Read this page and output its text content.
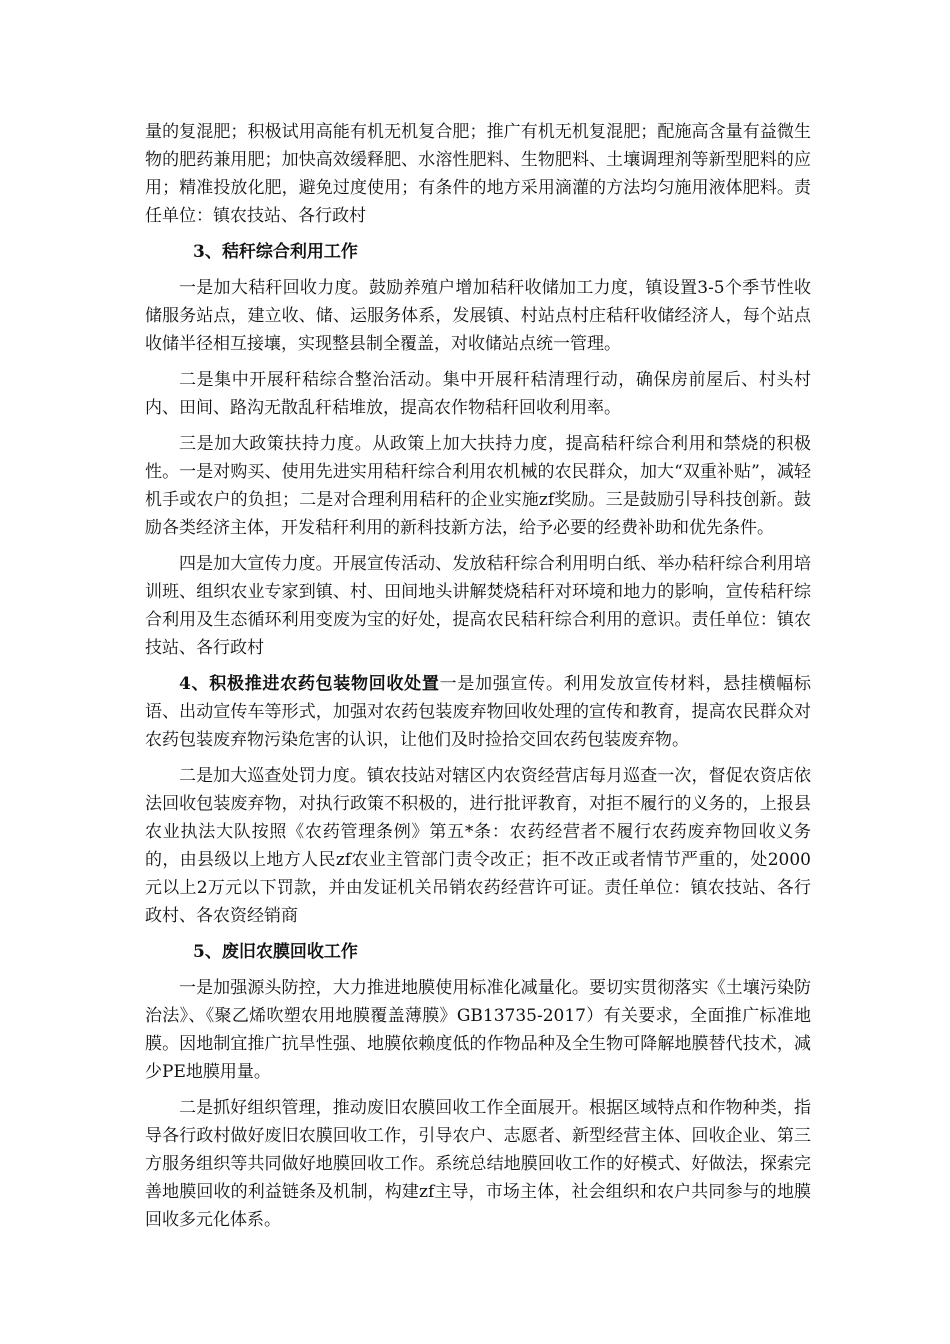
量的复混肥；积极试用高能有机无机复合肥；推广有机无机复混肥；配施高含量有益微生物的肥药兼用肥；加快高效缓释肥、水溶性肥料、生物肥料、土壤调理剂等新型肥料的应用；精准投放化肥，避免过度使用；有条件的地方采用滴灌的方法均匀施用液体肥料。责任单位：镇农技站、各行政村

3、秸秆综合利用工作

一是加大秸秆回收力度。鼓励养殖户增加秸秆收储加工力度，镇设置3-5个季节性收储服务站点，建立收、储、运服务体系，发展镇、村站点村庄秸秆收储经济人，每个站点收储半径相互接壤，实现整县制全覆盖，对收储站点统一管理。

二是集中开展秆秸综合整治活动。集中开展秆秸清理行动，确保房前屋后、村头村内、田间、路沟无散乱秆秸堆放，提高农作物秸秆回收利用率。

三是加大政策扶持力度。从政策上加大扶持力度，提高秸秆综合利用和禁烧的积极性。一是对购买、使用先进实用秸秆综合利用农机械的农民群众，加大“双重补贴”，减轻机手或农户的负担；二是对合理利用秸秆的企业实施zf奖励。三是鼓励引导科技创新。鼓励各类经济主体，开发秸秆利用的新科技新方法，给予必要的经费补助和优先条件。

四是加大宣传力度。开展宣传活动、发放秸秆综合利用明白纸、举办秸秆综合利用培训班、组织农业专家到镇、村、田间地头讲解焚烧秸秆对环境和地力的影响，宣传秸秆综合利用及生态循环利用变废为宝的好处，提高农民秸秆综合利用的意识。责任单位：镇农技站、各行政村

4、积极推进农药包装物回收处置一是加强宣传。利用发放宣传材料，悬挂横幅标语、出动宣传车等形式，加强对农药包装废弃物回收处理的宣传和教育，提高农民群众对农药包装废弃物污染危害的认识，让他们及时捡拾交回农药包装废弃物。

二是加大巡查处罚力度。镇农技站对辖区内农资经营店每月巡查一次，督促农资店依法回收包装废弃物，对执行政策不积极的，进行批评教育，对拒不履行的义务的，上报县农业执法大队按照《农药管理条例》第五*条：农药经营者不履行农药废弃物回收义务的，由县级以上地方人民zf农业主管部门责令改正；拒不改正或者情节严重的，处2000元以上2万元以下罚款，并由发证机关吊销农药经营许可证。责任单位：镇农技站、各行政村、各农资经销商

5、废旧农膜回收工作

一是加强源头防控，大力推进地膜使用标准化减量化。要切实贯彻落实《土壤污染防治法》、《聚乙烯吹塑农用地膜覆盖薄膜》GB13735-2017）有关要求，全面推广标准地膜。因地制宜推广抗旱性强、地膜依赖度低的作物品种及全生物可降解地膜替代技术，减少PE地膜用量。

二是抓好组织管理，推动废旧农膜回收工作全面展开。根据区域特点和作物种类，指导各行政村做好废旧农膜回收工作，引导农户、志愿者、新型经营主体、回收企业、第三方服务组织等共同做好地膜回收工作。系统总结地膜回收工作的好模式、好做法，探索完善地膜回收的利益链条及机制，构建zf主导，市场主体，社会组织和农户共同参与的地膜回收多元化体系。
